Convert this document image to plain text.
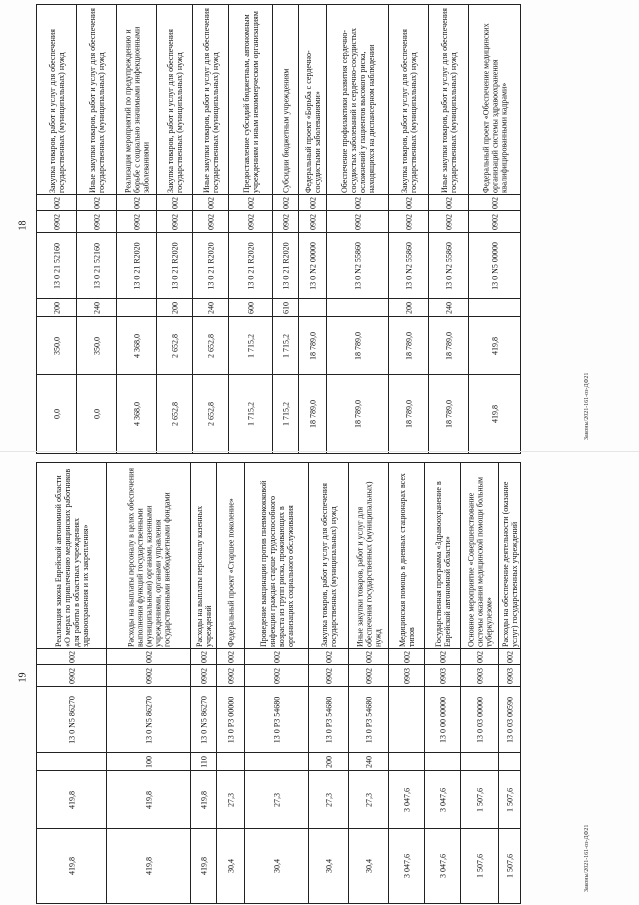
18
Закупка товаров, работ и услуг для обеспечения государственных (муниципальных) нужд
002
0902
13 0 21 52160
200
350,0
0,0
Иные закупки товаров, работ и услуг для обеспечения государственных (муниципальных) нужд
002
0902
13 0 21 52160
240
350,0
0,0
Реализация мероприятий по предупреждению и борьбе с социально значимыми инфекционными заболеваниями
002
0902
13 0 21 R2020
4 368,0
4 368,0
Закупка товаров, работ и услуг для обеспечения государственных (муниципальных) нужд
002
0902
13 0 21 R2020
200
2 652,8
2 652,8
Иные закупки товаров, работ и услуг для обеспечения государственных (муниципальных) нужд
002
0902
13 0 21 R2020
240
2 652,8
2 652,8
Предоставление субсидий бюджетным, автономным учреждениям и иным некоммерческим организациям
002
0902
13 0 21 R2020
600
1 715,2
1 715,2
Субсидии бюджетным учреждениям
002
0902
13 0 21 R2020
610
1 715,2
1 715,2
Федеральный проект «Борьба с сердечно-сосудистыми заболеваниями»
002
0902
13 0 N2 00000
18 789,0
18 789,0
Обеспечение профилактики развития сердечно-сосудистых заболеваний и сердечно-сосудистых осложнений у пациентов высокого риска, находящихся на диспансерном наблюдении
002
0902
13 0 N2 55860
18 789,0
18 789,0
Закупка товаров, работ и услуг для обеспечения государственных (муниципальных) нужд
002
0902
13 0 N2 55860
200
18 789,0
18 789,0
Иные закупки товаров, работ и услуг для обеспечения государственных (муниципальных) нужд
002
0902
13 0 N2 55860
240
18 789,0
18 789,0
Федеральный проект «Обеспечение медицинских организаций системы здравоохранения квалифицированными кадрами»
002
0902
13 0 N5 00000
419,8
419,8	Законы/2021-161-оз-ДФ21
19
Реализация закона Еврейской автономной области «О мерах по привлечению медицинских работников для работы в областных учреждениях здравоохранения и их закрепления»
002
0902
13 0 N5 86270
419,8
419,8
Расходы на выплаты персоналу в целях обеспечения выполнения функций государственными (муниципальными) органами, казенными учреждениями, органами управления государственными внебюджетными фондами
002
0902
13 0 N5 86270
100
419,8
419,8
Расходы на выплаты персоналу казенных учреждений
002
0902
13 0 N5 86270
110
419,8
419,8
Федеральный проект «Старшее поколение»
002
0902
13 0 P3 00000
27,3
30,4
Проведение вакцинации против пневмококковой инфекции граждан старше трудоспособного возраста из групп риска, проживающих в организациях социального обслуживания
002
0902
13 0 P3 54680
27,3
30,4
Закупка товаров, работ и услуг для обеспечения государственных (муниципальных) нужд
002
0902
13 0 P3 54680
200
27,3
30,4
Иные закупки товаров, работ и услуг для обеспечения государственных (муниципальных) нужд
002
0902
13 0 P3 54680
240
27,3
30,4
Медицинская помощь в дневных стационарах всех типов
002
0903
3 047,6
3 047,6
Государственная программа «Здравоохранение в Еврейской автономной области»
002
0903
13 0 00 00000
3 047,6
3 047,6
Основное мероприятие «Совершенствование системы оказания медицинской помощи больным туберкулезом»
002
0903
13 0 03 00000
1 507,6
1 507,6
Расходы на обеспечение деятельности (оказание услуг) государственных учреждений
002
0903
13 0 03 00590
1 507,6
1 507,6	Законы/2021-161-оз-ДФ21
